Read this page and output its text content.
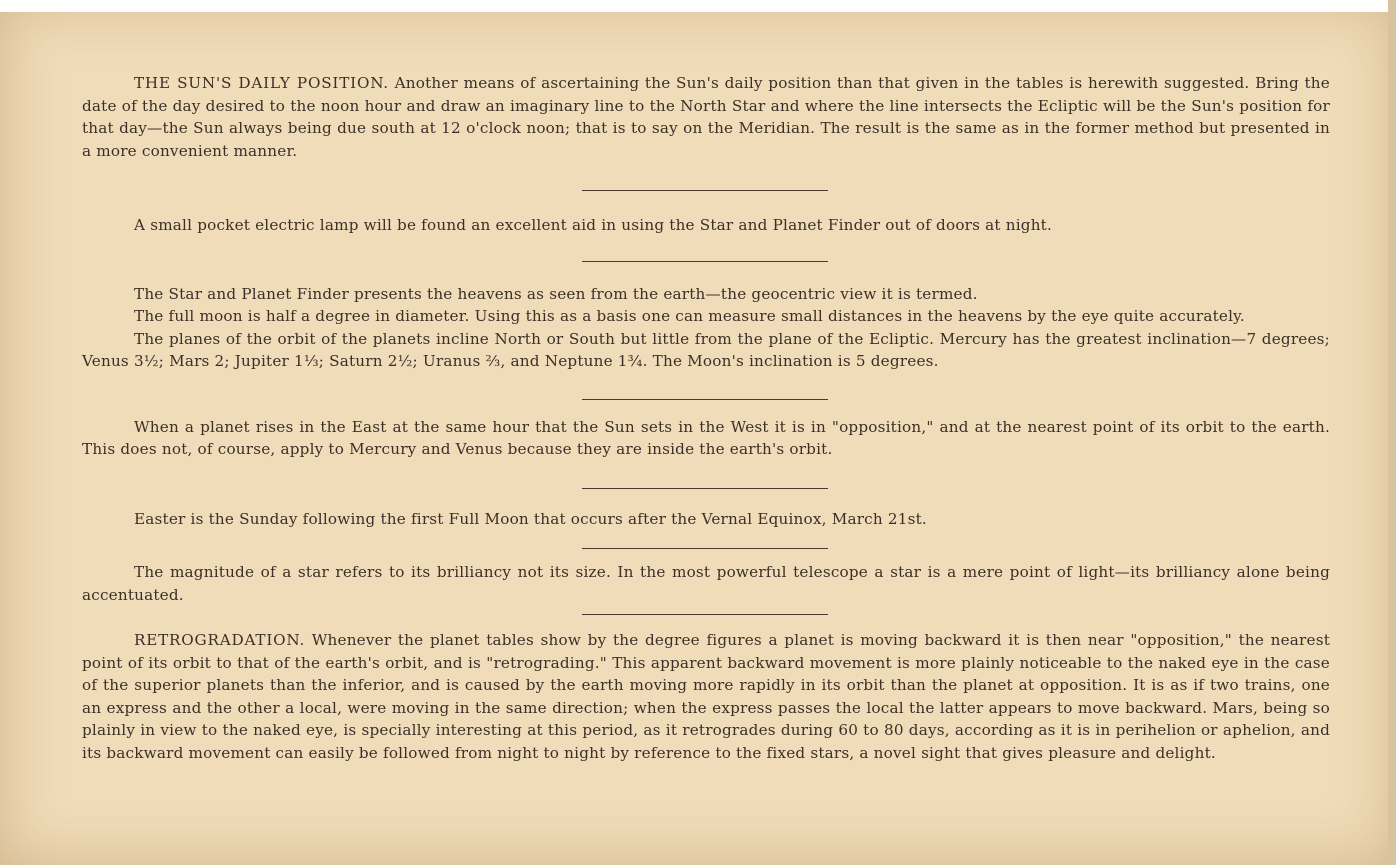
THE SUN'S DAILY POSITION. Another means of ascertaining the Sun's daily position than that given in the tables is herewith suggested. Bring the date of the day desired to the noon hour and draw an imaginary line to the North Star and where the line intersects the Ecliptic will be the Sun's position for that day—the Sun always being due south at 12 o'clock noon; that is to say on the Meridian. The result is the same as in the former method but presented in a more convenient manner.

A small pocket electric lamp will be found an excellent aid in using the Star and Planet Finder out of doors at night.

The Star and Planet Finder presents the heavens as seen from the earth—the geocentric view it is termed.

The full moon is half a degree in diameter. Using this as a basis one can measure small distances in the heavens by the eye quite accurately.

The planes of the orbit of the planets incline North or South but little from the plane of the Ecliptic. Mercury has the greatest inclination—7 degrees; Venus 3½; Mars 2; Jupiter 1⅓; Saturn 2½; Uranus ⅔, and Neptune 1¾. The Moon's inclination is 5 degrees.

When a planet rises in the East at the same hour that the Sun sets in the West it is in "opposition," and at the nearest point of its orbit to the earth. This does not, of course, apply to Mercury and Venus because they are inside the earth's orbit.

Easter is the Sunday following the first Full Moon that occurs after the Vernal Equinox, March 21st.

The magnitude of a star refers to its brilliancy not its size. In the most powerful telescope a star is a mere point of light—its brilliancy alone being accentuated.

RETROGRADATION. Whenever the planet tables show by the degree figures a planet is moving backward it is then near "opposition," the nearest point of its orbit to that of the earth's orbit, and is "retrograding." This apparent backward movement is more plainly noticeable to the naked eye in the case of the superior planets than the inferior, and is caused by the earth moving more rapidly in its orbit than the planet at opposition. It is as if two trains, one an express and the other a local, were moving in the same direction; when the express passes the local the latter appears to move backward. Mars, being so plainly in view to the naked eye, is specially interesting at this period, as it retrogrades during 60 to 80 days, according as it is in perihelion or aphelion, and its backward movement can easily be followed from night to night by reference to the fixed stars, a novel sight that gives pleasure and delight.
